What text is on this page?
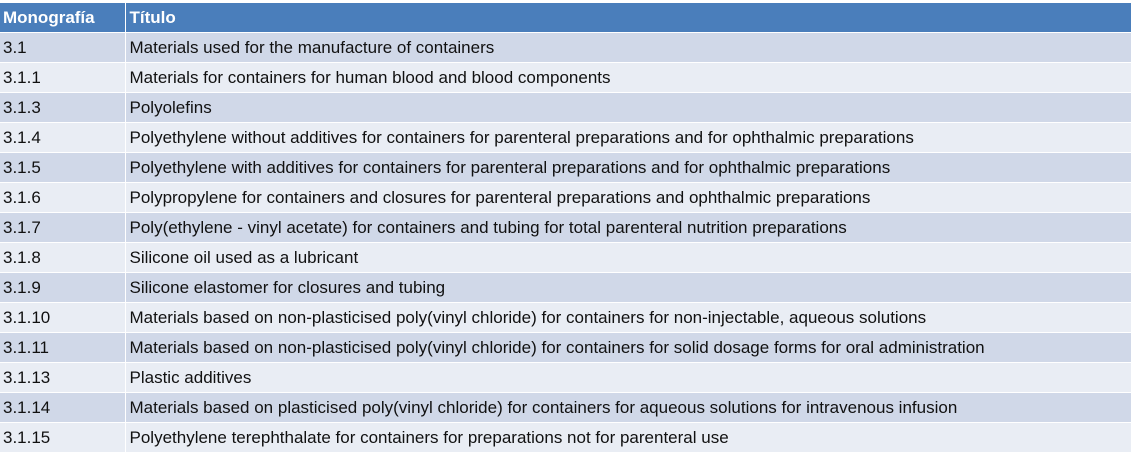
Monografía	Título
3.1	Materials used for the manufacture of containers
3.1.1	Materials for containers for human blood and blood components
3.1.3	Polyolefins
3.1.4	Polyethylene without additives for containers for parenteral preparations and for ophthalmic preparations
3.1.5	Polyethylene with additives for containers for parenteral preparations and for ophthalmic preparations
3.1.6	Polypropylene for containers and closures for parenteral preparations and ophthalmic preparations
3.1.7	Poly(ethylene - vinyl acetate) for containers and tubing for total parenteral nutrition preparations
3.1.8	Silicone oil used as a lubricant
3.1.9	Silicone elastomer for closures and tubing
3.1.10	Materials based on non-plasticised poly(vinyl chloride) for containers for non-injectable, aqueous solutions
3.1.11	Materials based on non-plasticised poly(vinyl chloride) for containers for solid dosage forms for oral administration
3.1.13	Plastic additives
3.1.14	Materials based on plasticised poly(vinyl chloride) for containers for aqueous solutions for intravenous infusion
3.1.15	Polyethylene terephthalate for containers for preparations not for parenteral use
